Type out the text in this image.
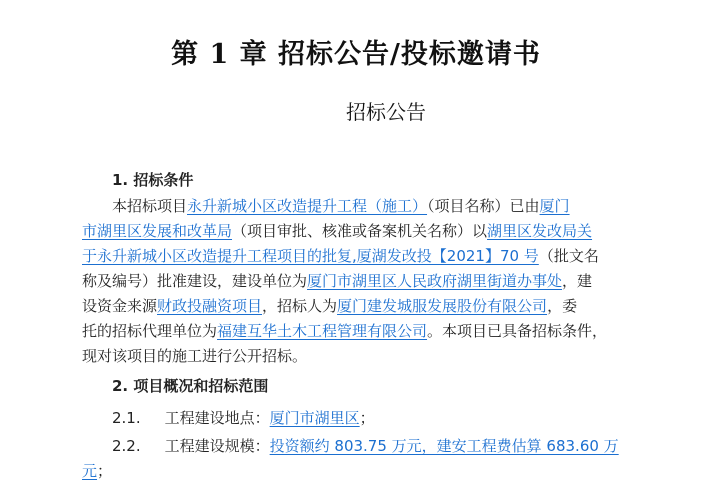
第 1 章 招标公告/投标邀请书
招标公告
1. 招标条件
本招标项目永升新城小区改造提升工程（施工）（项目名称）已由厦门
市湖里区发展和改革局（项目审批、核准或备案机关名称）以湖里区发改局关
于永升新城小区改造提升工程项目的批复,厦湖发改投【2021】70 号（批文名
称及编号）批准建设，建设单位为厦门市湖里区人民政府湖里街道办事处，建
设资金来源财政投融资项目，招标人为厦门建发城服发展股份有限公司，委
托的招标代理单位为福建互华土木工程管理有限公司。本项目已具备招标条件，
现对该项目的施工进行公开招标。
2. 项目概况和招标范围
2.1. 工程建设地点：厦门市湖里区；
2.2. 工程建设规模：投资额约 803.75 万元，建安工程费估算 683.60 万
元；
